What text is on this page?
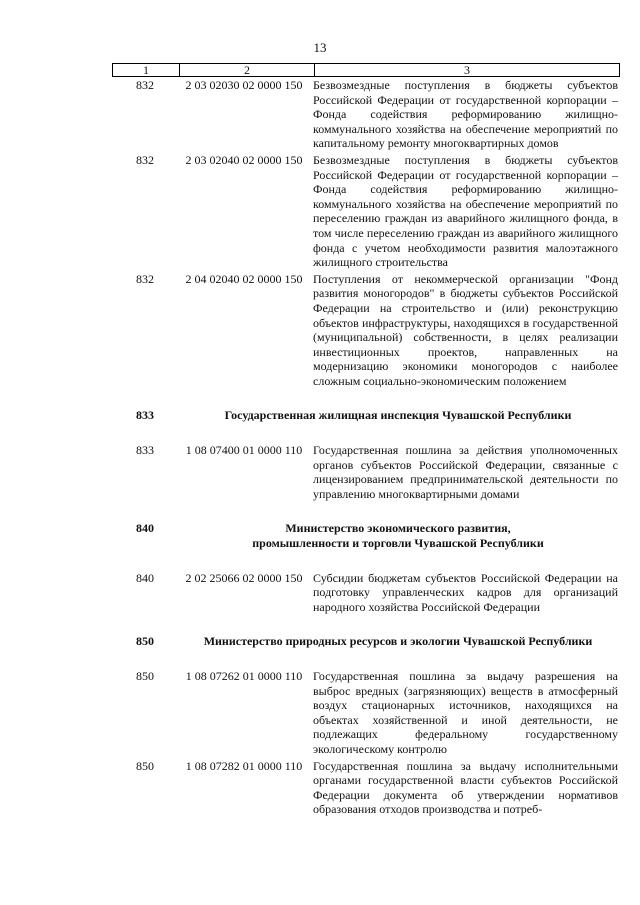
13
1	2	3
832	2 03 02030 02 0000 150 Безвозмездные поступления в бюджеты субъектов Российской Федерации от государственной корпорации – Фонда содействия реформированию жилищно-коммунального хозяйства на обеспечение мероприятий по капитальному ремонту многоквартирных домов
832	2 03 02040 02 0000 150 Безвозмездные поступления в бюджеты субъектов Российской Федерации от государственной корпорации – Фонда содействия реформированию жилищно-коммунального хозяйства на обеспечение мероприятий по переселению граждан из аварийного жилищного фонда, в том числе переселению граждан из аварийного жилищного фонда с учетом необходимости развития малоэтажного жилищного строительства
832	2 04 02040 02 0000 150 Поступления от некоммерческой организации "Фонд развития моногородов" в бюджеты субъектов Российской Федерации на строительство и (или) реконструкцию объектов инфраструктуры, находящихся в государственной (муниципальной) собственности, в целях реализации инвестиционных проектов, направленных на модернизацию экономики моногородов с наиболее сложным социально-экономическим положением
833	Государственная жилищная инспекция Чувашской Республики
833	1 08 07400 01 0000 110 Государственная пошлина за действия уполномоченных органов субъектов Российской Федерации, связанные с лицензированием предпринимательской деятельности по управлению многоквартирными домами
840	Министерство экономического развития, промышленности и торговли Чувашской Республики
840	2 02 25066 02 0000 150 Субсидии бюджетам субъектов Российской Федерации на подготовку управленческих кадров для организаций народного хозяйства Российской Федерации
850	Министерство природных ресурсов и экологии Чувашской Республики
850	1 08 07262 01 0000 110 Государственная пошлина за выдачу разрешения на выброс вредных (загрязняющих) веществ в атмосферный воздух стационарных источников, находящихся на объектах хозяйственной и иной деятельности, не подлежащих федеральному государственному экологическому контролю
850	1 08 07282 01 0000 110 Государственная пошлина за выдачу исполнительными органами государственной власти субъектов Российской Федерации документа об утверждении нормативов образования отходов производства и потреб-
